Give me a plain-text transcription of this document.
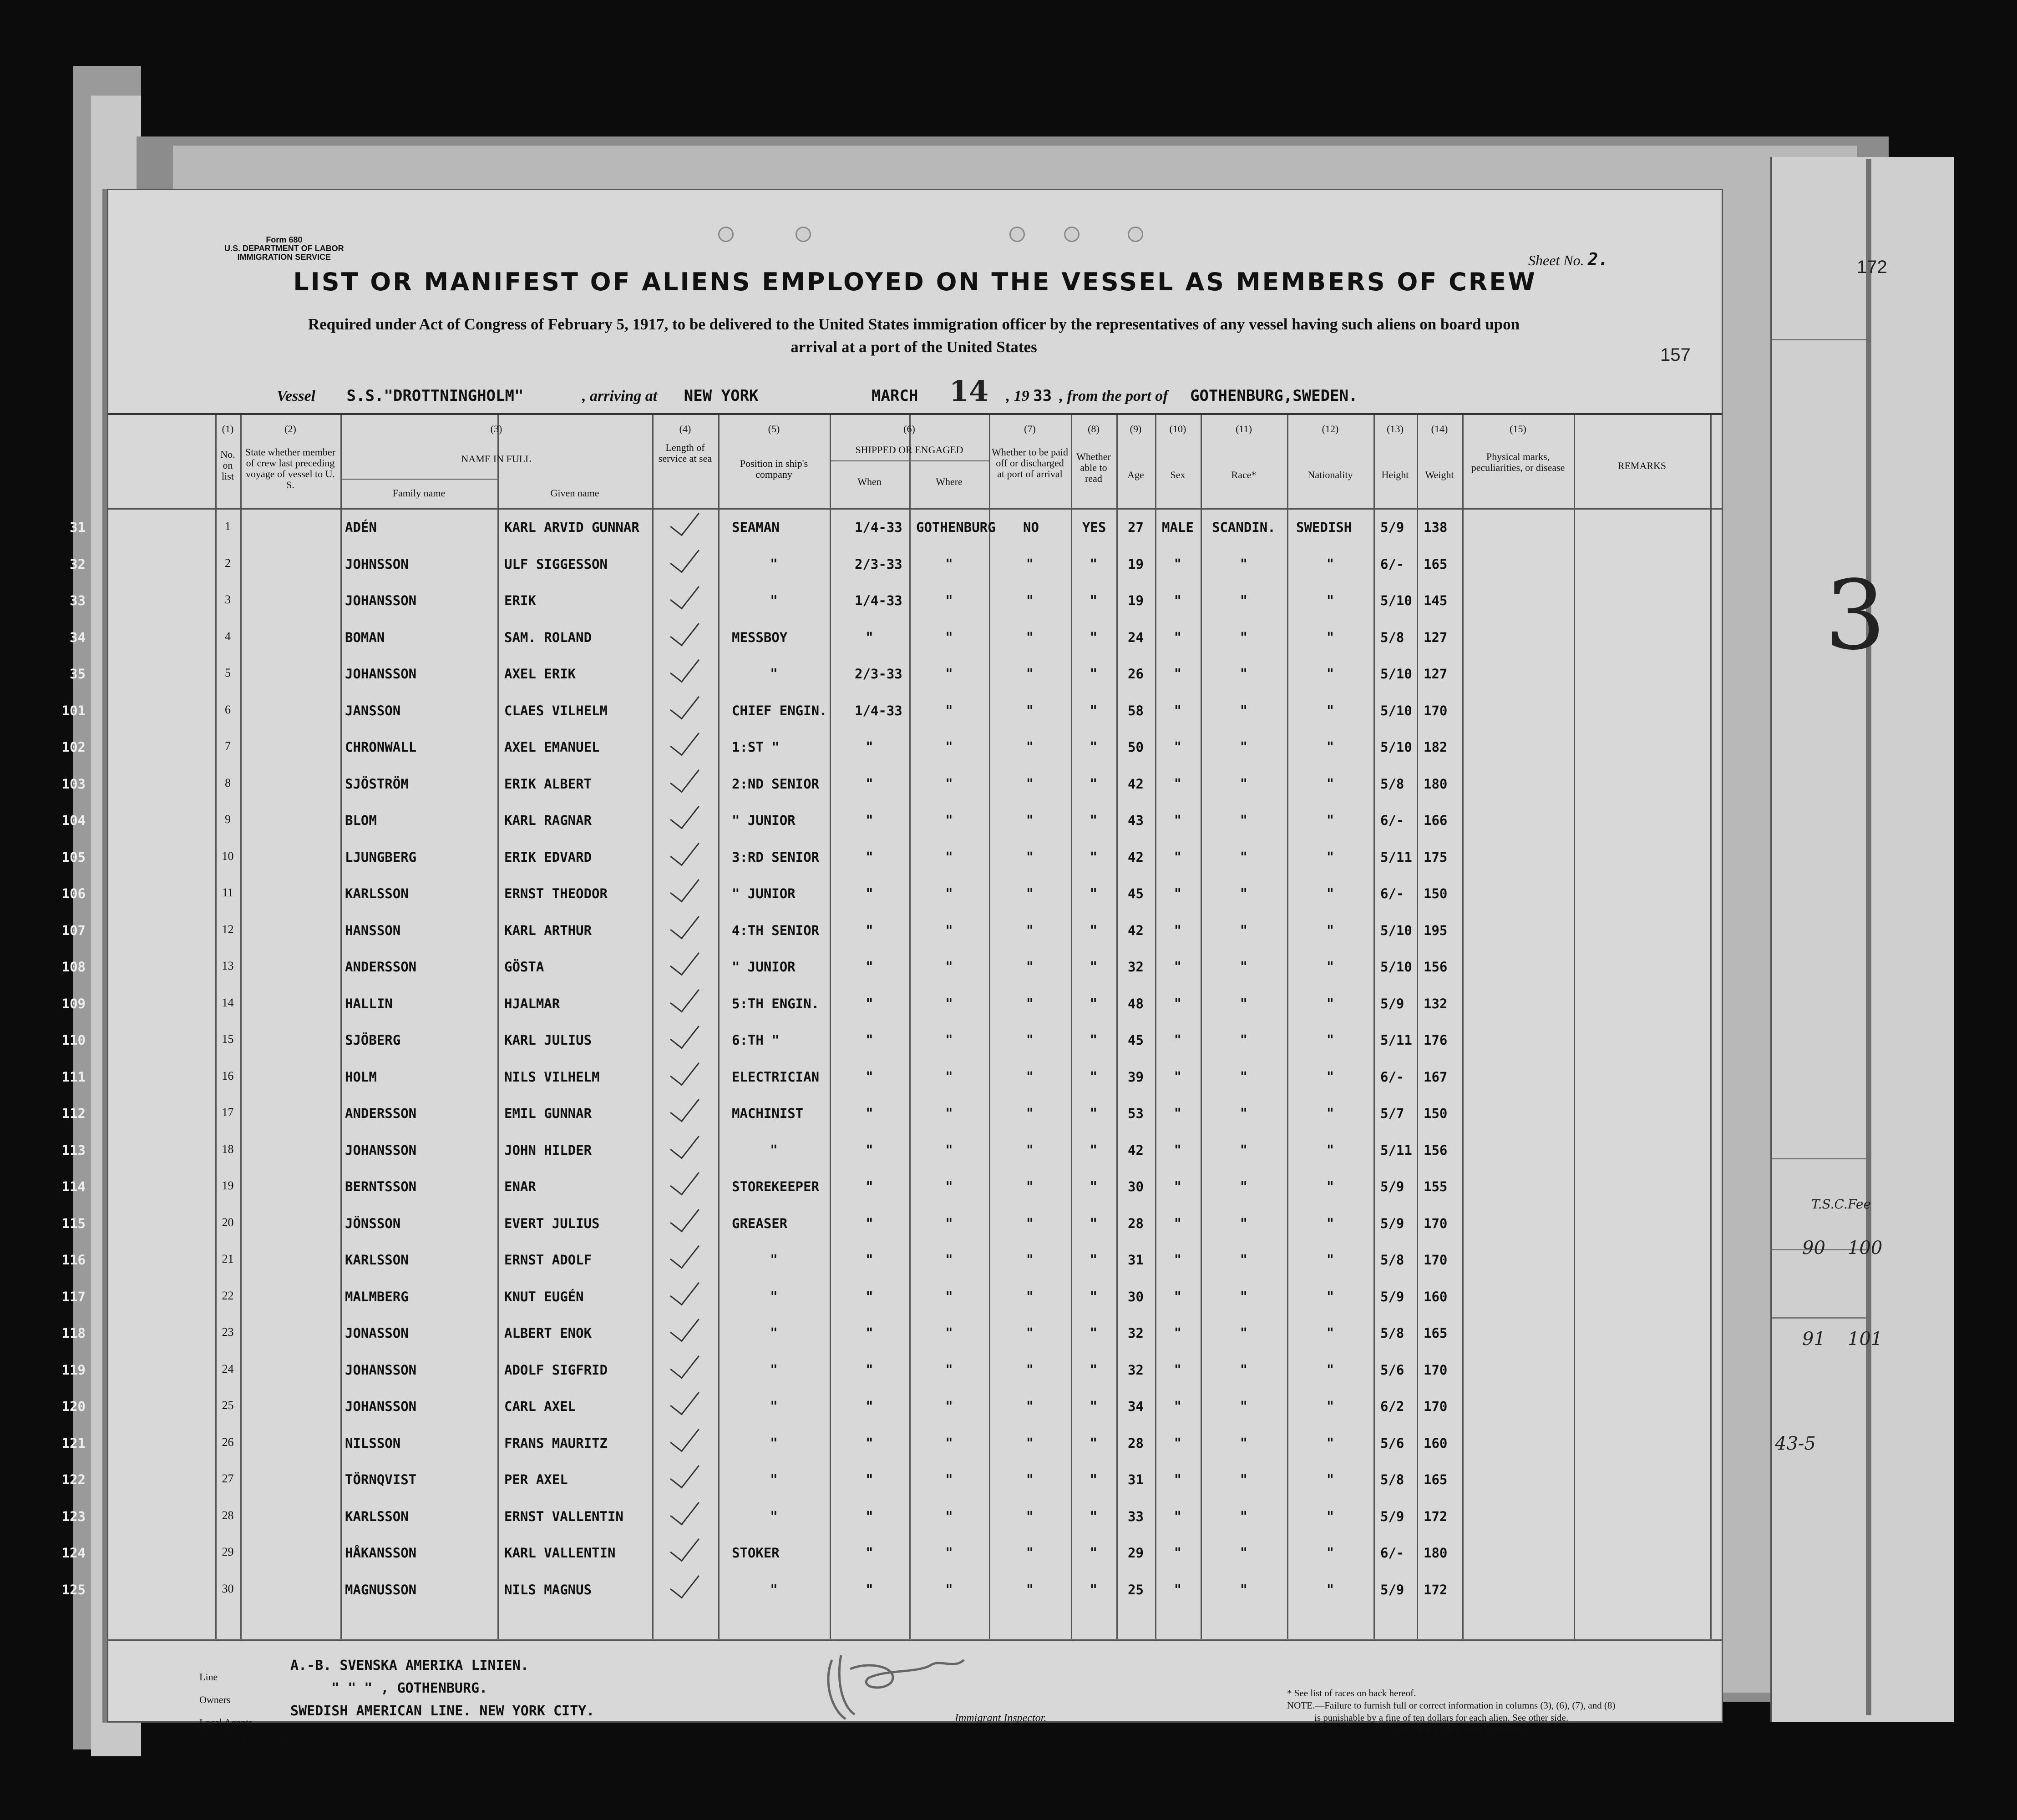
172
3
T.S.C. Fee
90 100
91 101
43-5
Form 680
U.S. DEPARTMENT OF LABOR
IMMIGRATION SERVICE	Sheet No. 2.
LIST OR MANIFEST OF ALIENS EMPLOYED ON THE VESSEL AS MEMBERS OF CREW
Required under Act of Congress of February 5, 1917, to be delivered to the United States immigration officer by the representatives of any vessel having such aliens on board upon
arrival at a port of the United States	157
Vessel S.S."DROTTNINGHOLM"	, arriving at NEW YORK	MARCH 14 , 19 33 , from the port of GOTHENBURG,SWEDEN.
(1)	(2)	(3)	(4)	(5)	(6)	(7)	(8)	(9)	(10)	(11)	(12)	(13)	(14)	(15)
No. on list
State whether member of crew last preceding voyage of vessel to U. S.
NAME IN FULL
Family name	Given name
Length of service at sea	Position in ship's company
SHIPPED OR ENGAGED
When	Where
Whether to be paid off or discharged at port of arrival
Whether able to read	Age	Sex	Race*	Nationality	Height	Weight
Physical marks, peculiarities, or disease	REMARKS
31	1	ADÉN	KARL ARVID GUNNAR	SEAMAN	1/4-33 GOTHENBURG NO	YES 27 MALE SCANDIN. SWEDISH 5/9 138
32	2	JOHNSSON	ULF SIGGESSON	"	2/3-33	"	"	"	19	"	"	"	6/- 165
33	3	JOHANSSON	ERIK	"	1/4-33	"	"	"	19	"	"	"	5/10 145
34	4	BOMAN	SAM. ROLAND	MESSBOY	"	"	"	"	24	"	"	"	5/8 127
35	5	JOHANSSON	AXEL ERIK	"	2/3-33	"	"	"	26	"	"	"	5/10 127
101	6	JANSSON	CLAES VILHELM	CHIEF ENGIN. 1/4-33	"	"	"	58	"	"	"	5/10 170
102	7	CHRONWALL	AXEL EMANUEL	1:ST "	"	"	"	"	50	"	"	"	5/10 182
103	8	SJÖSTRÖM	ERIK ALBERT	2:ND SENIOR	"	"	"	"	42	"	"	"	5/8 180
104	9	BLOM	KARL RAGNAR	" JUNIOR	"	"	"	"	43	"	"	"	6/- 166
105	10	LJUNGBERG	ERIK EDVARD	3:RD SENIOR	"	"	"	"	42	"	"	"	5/11 175
106	11	KARLSSON	ERNST THEODOR	" JUNIOR	"	"	"	"	45	"	"	"	6/- 150
107	12	HANSSON	KARL ARTHUR	4:TH SENIOR	"	"	"	"	42	"	"	"	5/10 195
108	13	ANDERSSON	GÖSTA	" JUNIOR	"	"	"	"	32	"	"	"	5/10 156
109	14	HALLIN	HJALMAR	5:TH ENGIN.	"	"	"	"	48	"	"	"	5/9 132
110	15	SJÖBERG	KARL JULIUS	6:TH "	"	"	"	"	45	"	"	"	5/11 176
111	16	HOLM	NILS VILHELM	ELECTRICIAN	"	"	"	"	39	"	"	"	6/- 167
112	17	ANDERSSON	EMIL GUNNAR	MACHINIST	"	"	"	"	53	"	"	"	5/7 150
113	18	JOHANSSON	JOHN HILDER	"	"	"	"	"	42	"	"	"	5/11 156
114	19	BERNTSSON	ENAR	STOREKEEPER	"	"	"	"	30	"	"	"	5/9 155
115	20	JÖNSSON	EVERT JULIUS	GREASER	"	"	"	"	28	"	"	"	5/9 170
116	21	KARLSSON	ERNST ADOLF	"	"	"	"	"	31	"	"	"	5/8 170
117	22	MALMBERG	KNUT EUGÉN	"	"	"	"	"	30	"	"	"	5/9 160
118	23	JONASSON	ALBERT ENOK	"	"	"	"	"	32	"	"	"	5/8 165
119	24	JOHANSSON	ADOLF SIGFRID	"	"	"	"	"	32	"	"	"	5/6 170
120	25	JOHANSSON	CARL AXEL	"	"	"	"	"	34	"	"	"	6/2 170
121	26	NILSSON	FRANS MAURITZ	"	"	"	"	"	28	"	"	"	5/6 160
122	27	TÖRNQVIST	PER AXEL	"	"	"	"	"	31	"	"	"	5/8 165
123	28	KARLSSON	ERNST VALLENTIN	"	"	"	"	"	33	"	"	"	5/9 172
124	29	HÅKANSSON	KARL VALLENTIN	STOKER	"	"	"	"	29	"	"	"	6/- 180
125	30	MAGNUSSON	NILS MAGNUS	"	"	"	"	"	25	"	"	"	5/9 172
Line
A.-B. SVENSKA AMERIKA LINIEN.
Owners
" " " , GOTHENBURG.
Local Agents
SWEDISH AMERICAN LINE. NEW YORK CITY.
CENTRALTR, STOCKHOLM
Immigrant Inspector.
* See list of races on back hereof.
NOTE.—Failure to furnish full or correct information in columns (3), (6), (7), and (8)
is punishable by a fine of ten dollars for each alien. See other side.
Form. S. A. L. 116 a. 10000 ex. okt. 31.
